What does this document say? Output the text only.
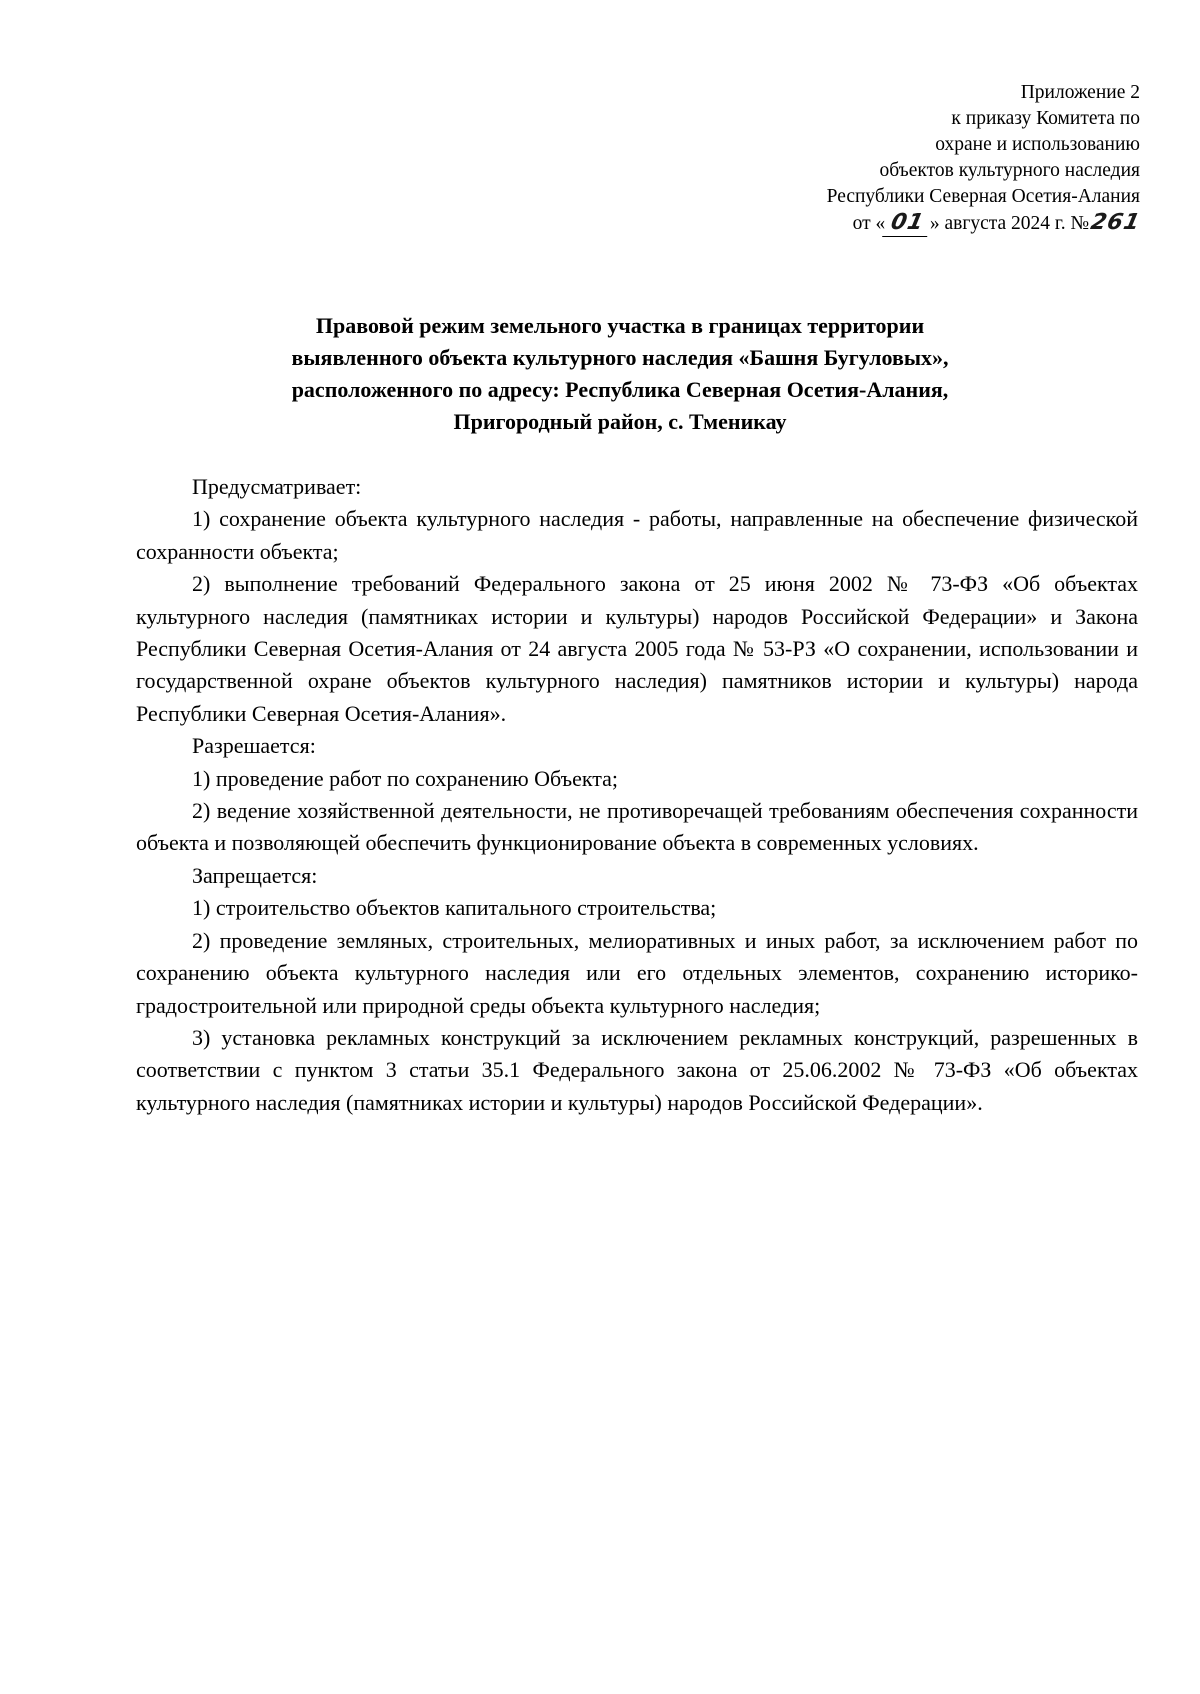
Приложение 2
к приказу Комитета по
охране и использованию
объектов культурного наследия
Республики Северная Осетия-Алания
от « 01 » августа 2024 г. №261
Правовой режим земельного участка в границах территории
выявленного объекта культурного наследия «Башня Бугуловых»,
расположенного по адресу: Республика Северная Осетия-Алания,
Пригородный район, с. Тменикау

Предусматривает:

1) сохранение объекта культурного наследия - работы, направленные на обеспечение физической сохранности объекта;

2) выполнение требований Федерального закона от 25 июня 2002 № 73-ФЗ «Об объектах культурного наследия (памятниках истории и культуры) народов Российской Федерации» и Закона Республики Северная Осетия-Алания от 24 августа 2005 года № 53-РЗ «О сохранении, использовании и государственной охране объектов культурного наследия) памятников истории и культуры) народа Республики Северная Осетия-Алания».

Разрешается:

1) проведение работ по сохранению Объекта;

2) ведение хозяйственной деятельности, не противоречащей требованиям обеспечения сохранности объекта и позволяющей обеспечить функционирование объекта в современных условиях.

Запрещается:

1) строительство объектов капитального строительства;

2) проведение земляных, строительных, мелиоративных и иных работ, за исключением работ по сохранению объекта культурного наследия или его отдельных элементов, сохранению историко-градостроительной или природной среды объекта культурного наследия;

3) установка рекламных конструкций за исключением рекламных конструкций, разрешенных в соответствии с пунктом 3 статьи 35.1 Федерального закона от 25.06.2002 № 73-ФЗ «Об объектах культурного наследия (памятниках истории и культуры) народов Российской Федерации».
